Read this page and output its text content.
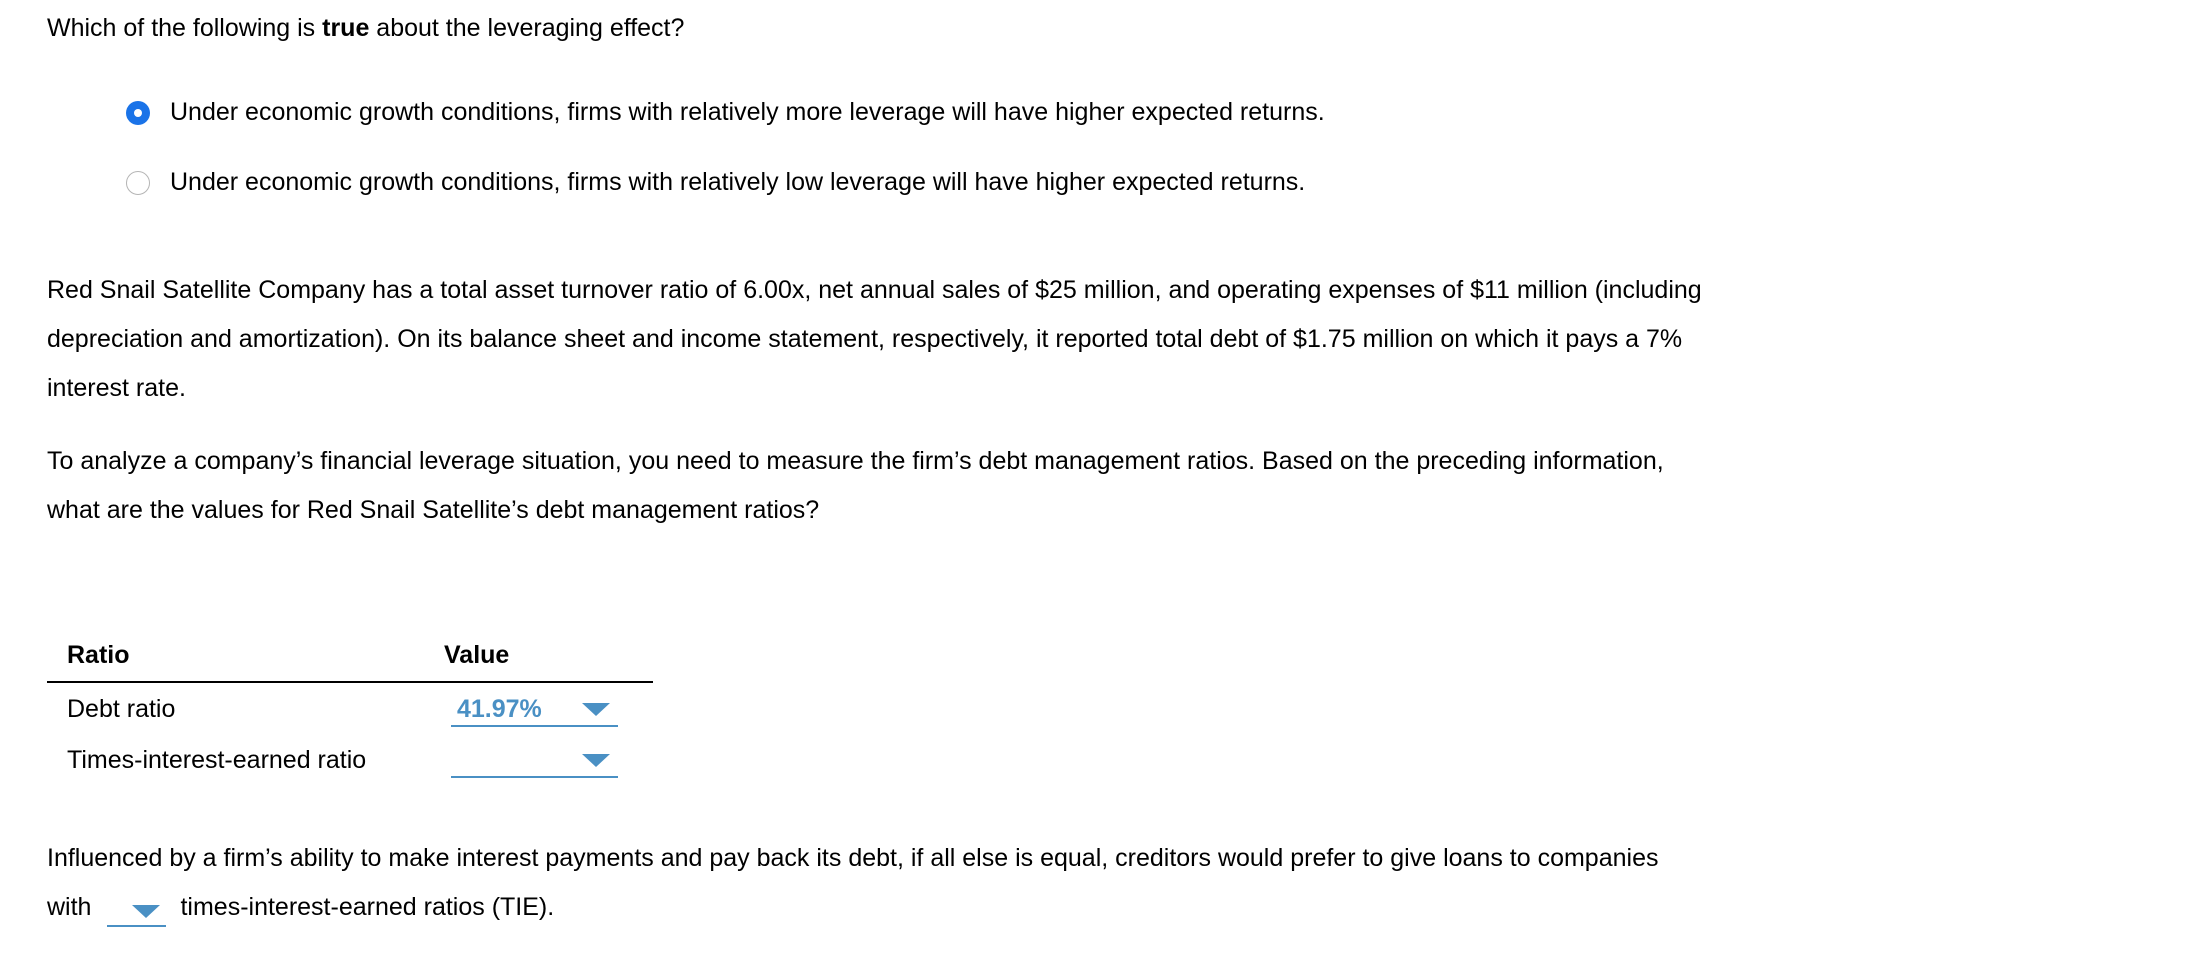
Which of the following is true about the leveraging effect?
Under economic growth conditions, firms with relatively more leverage will have higher expected returns.
Under economic growth conditions, firms with relatively low leverage will have higher expected returns.
Red Snail Satellite Company has a total asset turnover ratio of 6.00x, net annual sales of $25 million, and operating expenses of $11 million (including
depreciation and amortization). On its balance sheet and income statement, respectively, it reported total debt of $1.75 million on which it pays a 7%
interest rate.
To analyze a company’s financial leverage situation, you need to measure the firm’s debt management ratios. Based on the preceding information,
what are the values for Red Snail Satellite’s debt management ratios?
Ratio	Value
Debt ratio	41.97%
Times-interest-earned ratio
Influenced by a firm’s ability to make interest payments and pay back its debt, if all else is equal, creditors would prefer to give loans to companies
with	times-interest-earned ratios (TIE).
